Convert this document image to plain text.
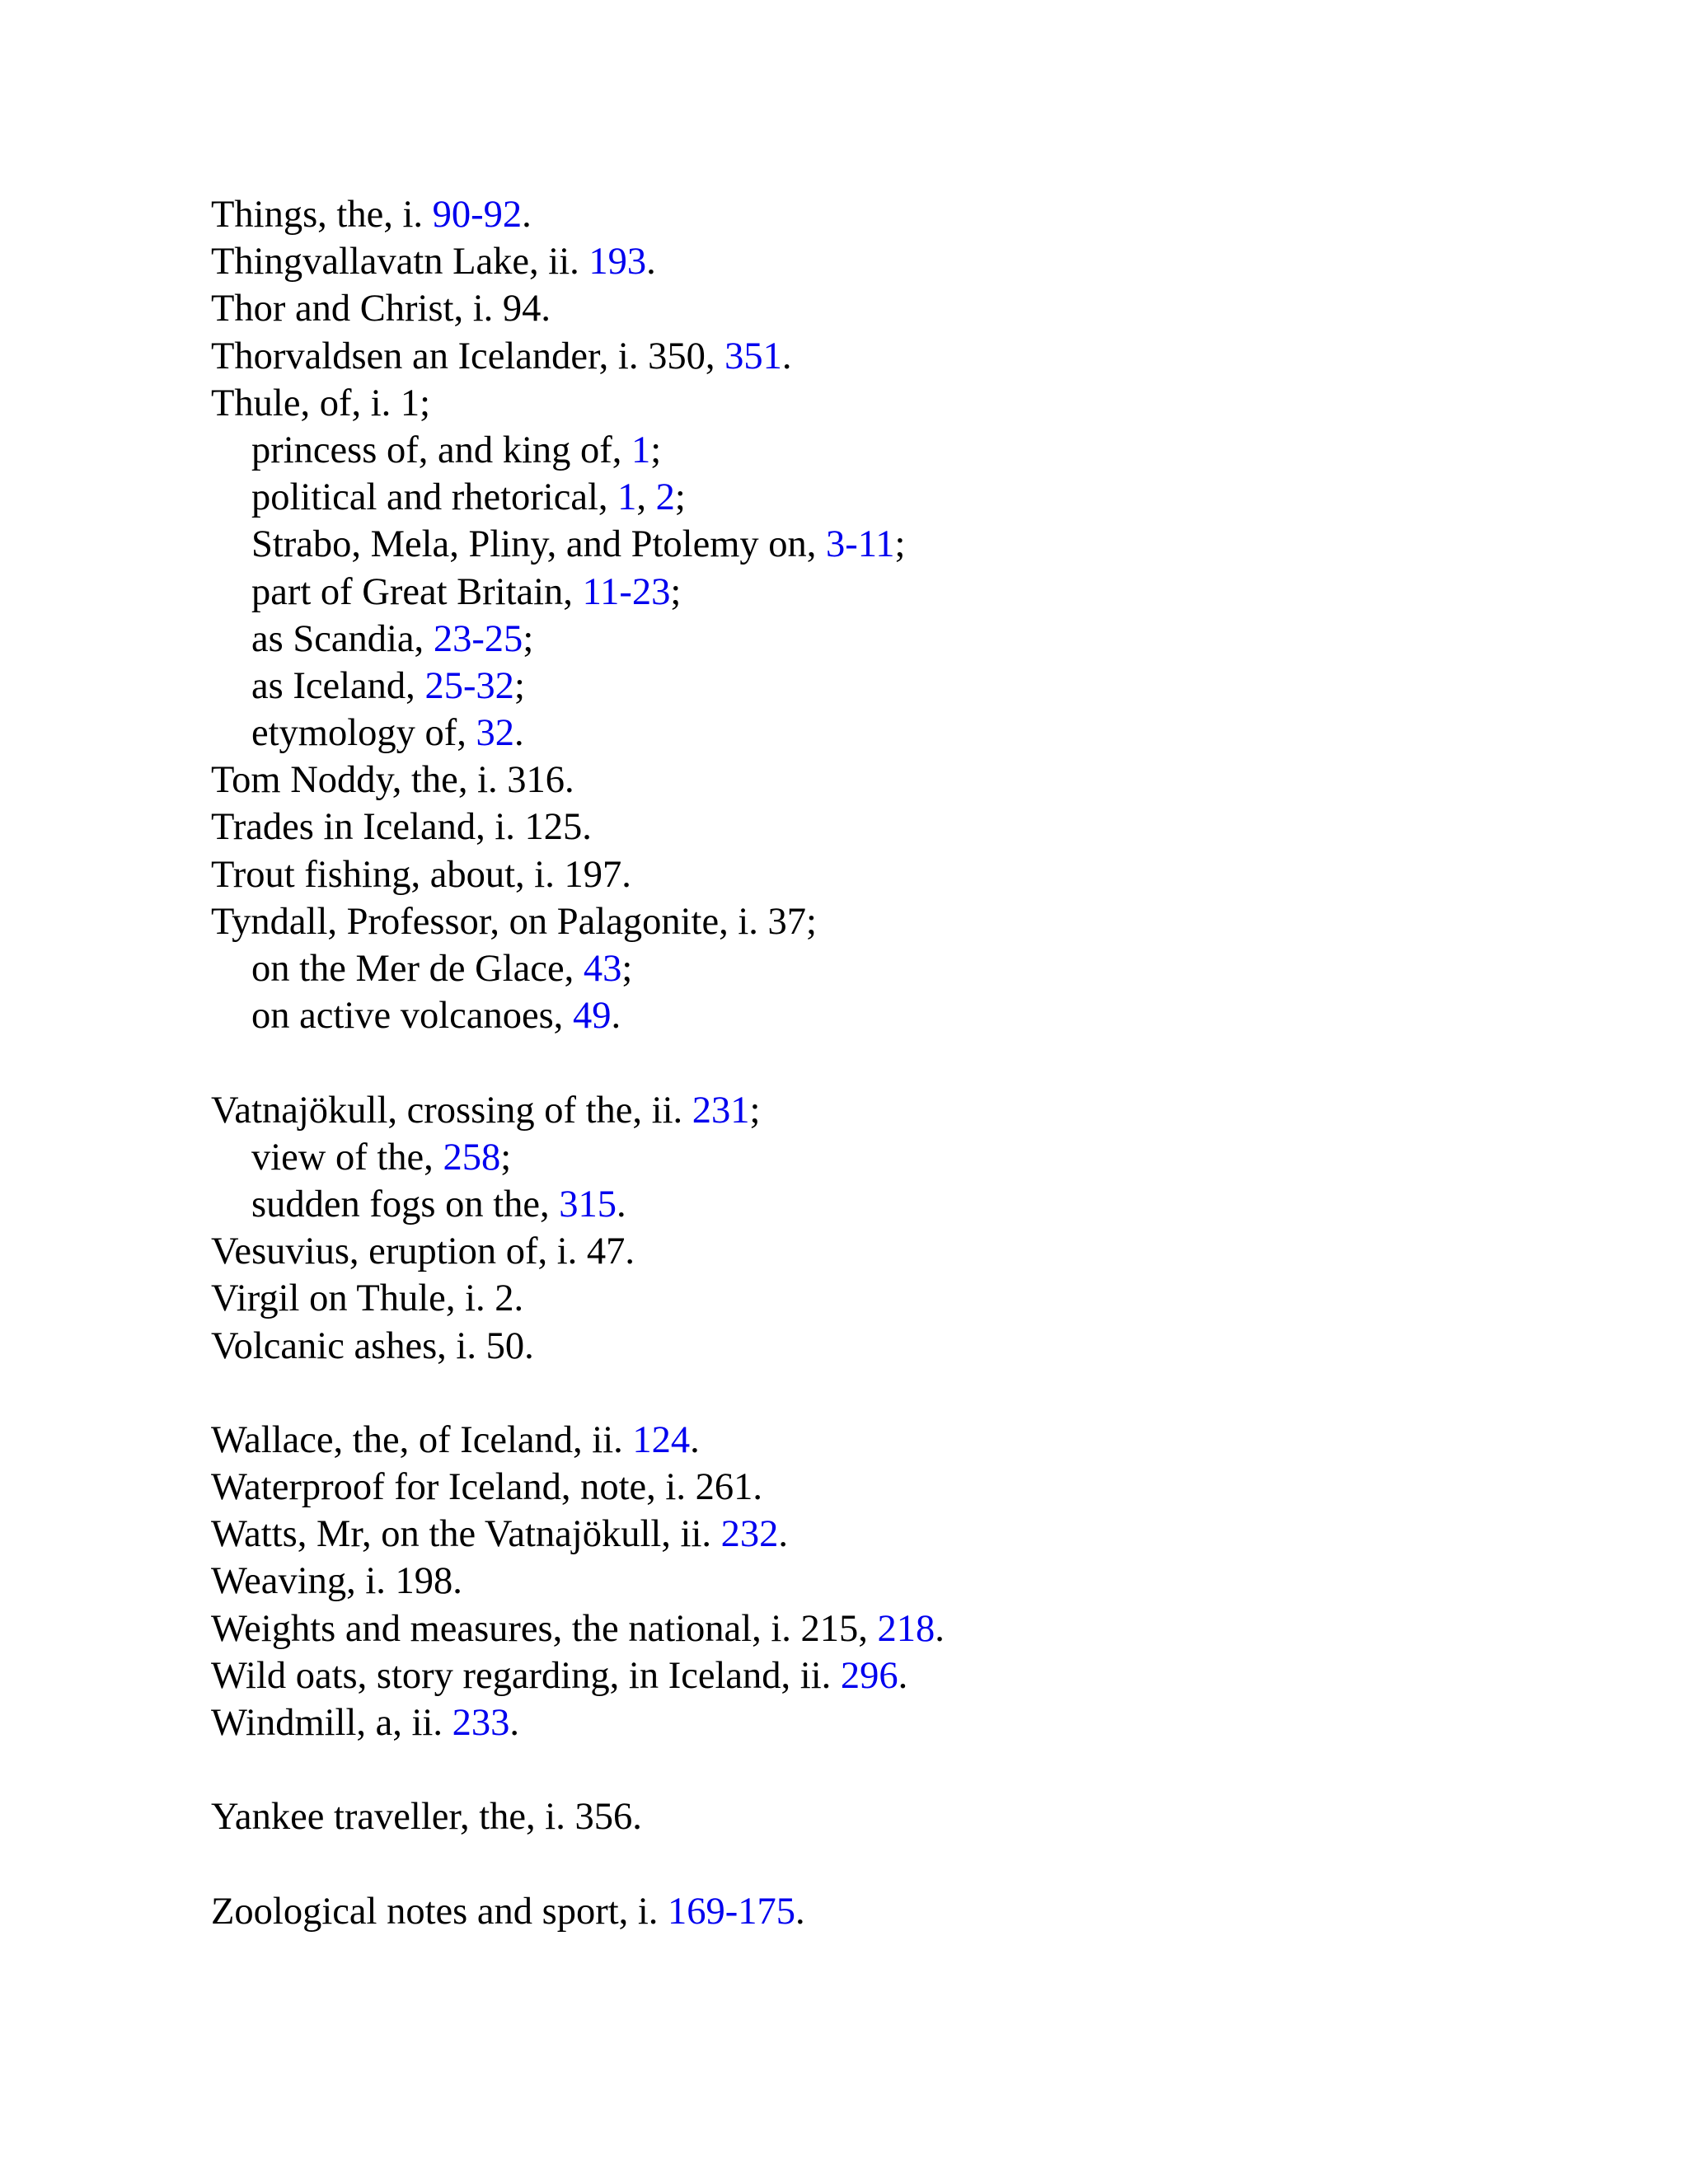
Things, the, i. 90-92.
Thingvallavatn Lake, ii. 193.
Thor and Christ, i. 94.
Thorvaldsen an Icelander, i. 350, 351.
Thule, of, i. 1;
princess of, and king of, 1;
political and rhetorical, 1, 2;
Strabo, Mela, Pliny, and Ptolemy on, 3-11;
part of Great Britain, 11-23;
as Scandia, 23-25;
as Iceland, 25-32;
etymology of, 32.
Tom Noddy, the, i. 316.
Trades in Iceland, i. 125.
Trout fishing, about, i. 197.
Tyndall, Professor, on Palagonite, i. 37;
on the Mer de Glace, 43;
on active volcanoes, 49.
Vatnajökull, crossing of the, ii. 231;
view of the, 258;
sudden fogs on the, 315.
Vesuvius, eruption of, i. 47.
Virgil on Thule, i. 2.
Volcanic ashes, i. 50.
Wallace, the, of Iceland, ii. 124.
Waterproof for Iceland, note, i. 261.
Watts, Mr, on the Vatnajökull, ii. 232.
Weaving, i. 198.
Weights and measures, the national, i. 215, 218.
Wild oats, story regarding, in Iceland, ii. 296.
Windmill, a, ii. 233.
Yankee traveller, the, i. 356.
Zoological notes and sport, i. 169-175.
